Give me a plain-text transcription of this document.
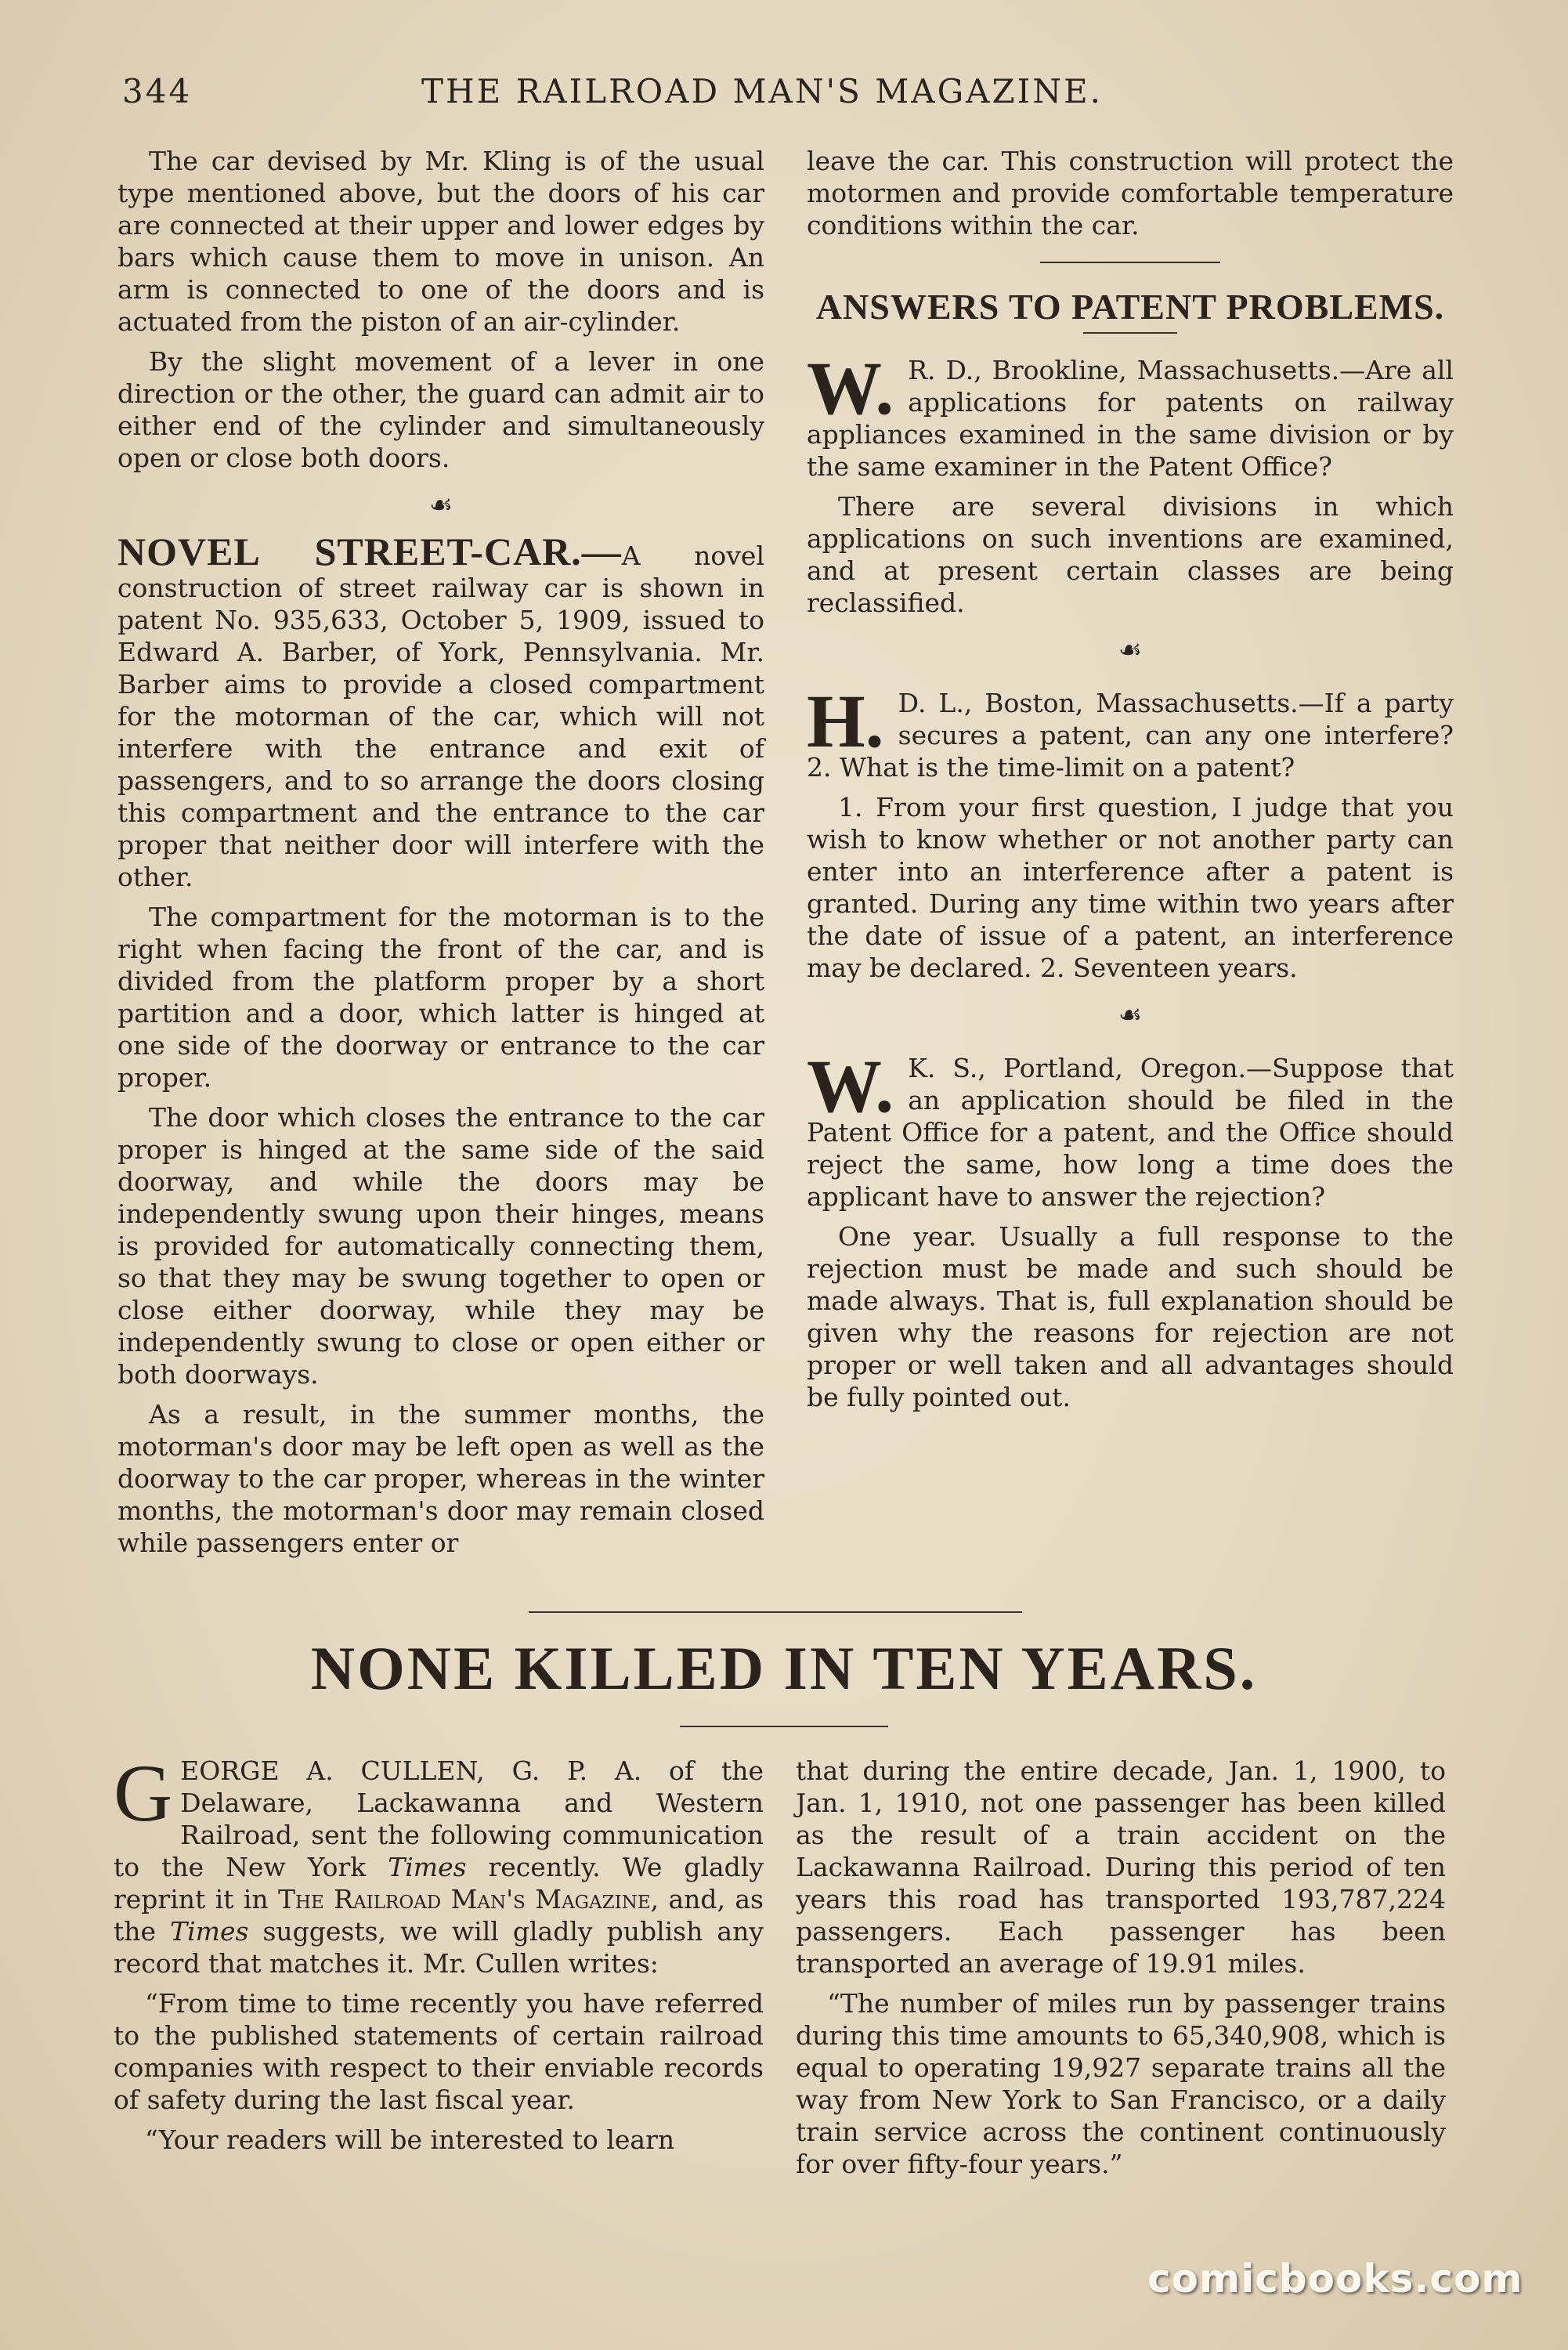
344	THE RAILROAD MAN'S MAGAZINE.

The car devised by Mr. Kling is of the usual type mentioned above, but the doors of his car are connected at their upper and lower edges by bars which cause them to move in unison. An arm is connected to one of the doors and is actuated from the piston of an air-cylinder.

By the slight movement of a lever in one direction or the other, the guard can admit air to either end of the cylinder and simultaneously open or close both doors.

☙

NOVEL STREET-CAR.—A novel construction of street railway car is shown in patent No. 935,633, October 5, 1909, issued to Edward A. Barber, of York, Pennsylvania. Mr. Barber aims to provide a closed compartment for the motorman of the car, which will not interfere with the entrance and exit of passengers, and to so arrange the doors closing this compartment and the entrance to the car proper that neither door will interfere with the other.

The compartment for the motorman is to the right when facing the front of the car, and is divided from the platform proper by a short partition and a door, which latter is hinged at one side of the doorway or entrance to the car proper.

The door which closes the entrance to the car proper is hinged at the same side of the said doorway, and while the doors may be independently swung upon their hinges, means is provided for automatically connecting them, so that they may be swung together to open or close either doorway, while they may be independently swung to close or open either or both doorways.

As a result, in the summer months, the motorman's door may be left open as well as the doorway to the car proper, whereas in the winter months, the motorman's door may remain closed while passengers enter or

leave the car. This construction will protect the motormen and provide comfortable temperature conditions within the car.

ANSWERS TO PATENT PROBLEMS.
W. R. D., Brookline, Massachusetts.—Are all applications for patents on railway appliances examined in the same division or by the same examiner in the Patent Office?

There are several divisions in which applications on such inventions are examined, and at present certain classes are being reclassified.

☙
H. D. L., Boston, Massachusetts.—If a party secures a patent, can any one interfere? 2. What is the time-limit on a patent?

1. From your first question, I judge that you wish to know whether or not another party can enter into an interference after a patent is granted. During any time within two years after the date of issue of a patent, an interference may be declared. 2. Seventeen years.

☙
W. K. S., Portland, Oregon.—Suppose that an application should be filed in the Patent Office for a patent, and the Office should reject the same, how long a time does the applicant have to answer the rejection?

One year. Usually a full response to the rejection must be made and such should be made always. That is, full explanation should be given why the reasons for rejection are not proper or well taken and all advantages should be fully pointed out.

NONE KILLED IN TEN YEARS.

GEORGE A. CULLEN, G. P. A. of the Delaware, Lackawanna and Western Railroad, sent the following communication to the New York Times recently. We gladly reprint it in The Railroad Man's Magazine, and, as the Times suggests, we will gladly publish any record that matches it. Mr. Cullen writes:

“From time to time recently you have referred to the published statements of certain railroad companies with respect to their enviable records of safety during the last fiscal year.

“Your readers will be interested to learn

that during the entire decade, Jan. 1, 1900, to Jan. 1, 1910, not one passenger has been killed as the result of a train accident on the Lackawanna Railroad. During this period of ten years this road has transported 193,787,224 passengers. Each passenger has been transported an average of 19.91 miles.

“The number of miles run by passenger trains during this time amounts to 65,340,908, which is equal to operating 19,927 separate trains all the way from New York to San Francisco, or a daily train service across the continent continuously for over fifty-four years.”

comicbooks.com
